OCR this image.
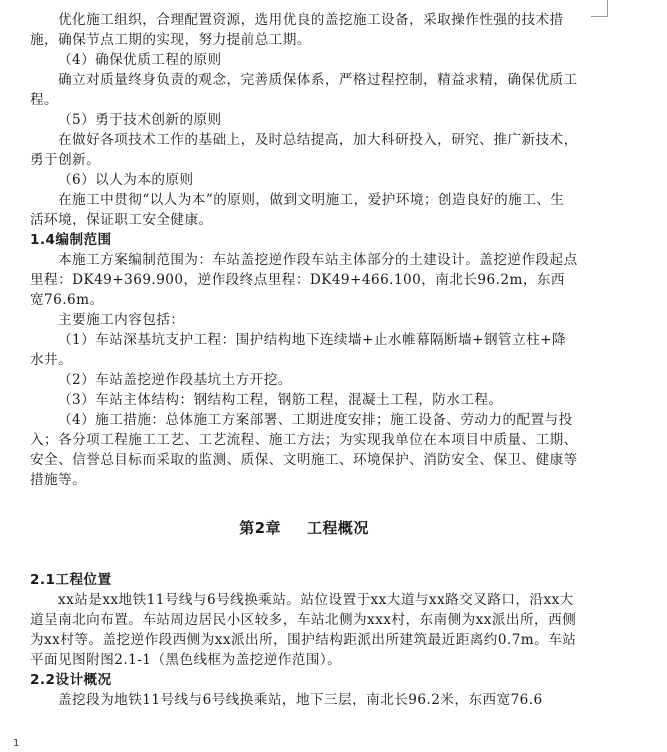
优化施工组织，合理配置资源，选用优良的盖挖施工设备，采取操作性强的技术措施，确保节点工期的实现，努力提前总工期。

（4）确保优质工程的原则

确立对质量终身负责的观念，完善质保体系，严格过程控制，精益求精，确保优质工程。

（5）勇于技术创新的原则

在做好各项技术工作的基础上，及时总结提高，加大科研投入，研究、推广新技术，勇于创新。

（6）以人为本的原则

在施工中贯彻“以人为本”的原则，做到文明施工，爱护环境；创造良好的施工、生活环境，保证职工安全健康。

1.4编制范围

本施工方案编制范围为：车站盖挖逆作段车站主体部分的土建设计。盖挖逆作段起点里程：DK49+369.900，逆作段终点里程：DK49+466.100，南北长96.2m，东西宽76.6m。

主要施工内容包括：

（1）车站深基坑支护工程：围护结构地下连续墙+止水帷幕隔断墙+钢管立柱+降水井。

（2）车站盖挖逆作段基坑土方开挖。

（3）车站主体结构：钢结构工程，钢筋工程，混凝土工程，防水工程。

（4）施工措施：总体施工方案部署、工期进度安排；施工设备、劳动力的配置与投入；各分项工程施工工艺、工艺流程、施工方法；为实现我单位在本项目中质量、工期、安全、信誉总目标而采取的监测、质保、文明施工、环境保护、消防安全、保卫、健康等措施等。

第2章 工程概况

2.1工程位置

xx站是xx地铁11号线与6号线换乘站。站位设置于xx大道与xx路交叉路口，沿xx大道呈南北向布置。车站周边居民小区较多，车站北侧为xxx村，东南侧为xx派出所，西侧为xx村等。盖挖逆作段西侧为xx派出所，围护结构距派出所建筑最近距离约0.7m。车站平面见图附图2.1-1（黑色线框为盖挖逆作范围）。

2.2设计概况

盖挖段为地铁11号线与6号线换乘站，地下三层，南北长96.2米，东西宽76.6

1
